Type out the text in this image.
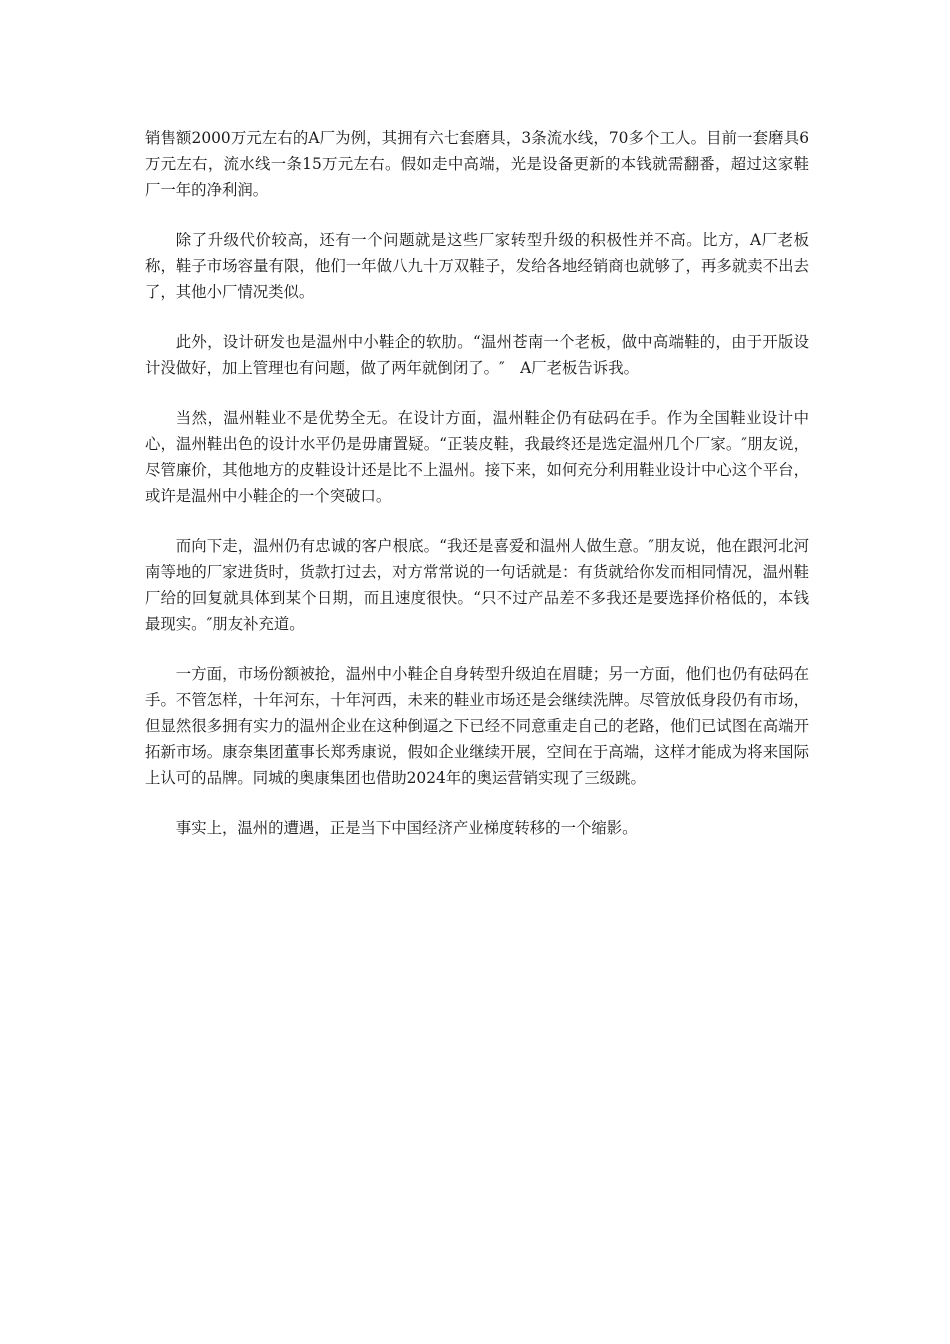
销售额2000万元左右的A厂为例，其拥有六七套磨具，3条流水线，70多个工人。目前一套磨具6万元左右，流水线一条15万元左右。假如走中高端，光是设备更新的本钱就需翻番，超过这家鞋厂一年的净利润。

除了升级代价较高，还有一个问题就是这些厂家转型升级的积极性并不高。比方，A厂老板称，鞋子市场容量有限，他们一年做八九十万双鞋子，发给各地经销商也就够了，再多就卖不出去了，其他小厂情况类似。

此外，设计研发也是温州中小鞋企的软肋。“温州苍南一个老板，做中高端鞋的，由于开版设计没做好，加上管理也有问题，做了两年就倒闭了。″　A厂老板告诉我。

当然，温州鞋业不是优势全无。在设计方面，温州鞋企仍有砝码在手。作为全国鞋业设计中心，温州鞋出色的设计水平仍是毋庸置疑。“正装皮鞋，我最终还是选定温州几个厂家。″朋友说，尽管廉价，其他地方的皮鞋设计还是比不上温州。接下来，如何充分利用鞋业设计中心这个平台，或许是温州中小鞋企的一个突破口。

而向下走，温州仍有忠诚的客户根底。“我还是喜爱和温州人做生意。″朋友说，他在跟河北河南等地的厂家进货时，货款打过去，对方常常说的一句话就是：有货就给你发而相同情况，温州鞋厂给的回复就具体到某个日期，而且速度很快。“只不过产品差不多我还是要选择价格低的，本钱最现实。″朋友补充道。

一方面，市场份额被抢，温州中小鞋企自身转型升级迫在眉睫；另一方面，他们也仍有砝码在手。不管怎样，十年河东，十年河西，未来的鞋业市场还是会继续洗牌。尽管放低身段仍有市场，但显然很多拥有实力的温州企业在这种倒逼之下已经不同意重走自己的老路，他们已试图在高端开拓新市场。康奈集团董事长郑秀康说，假如企业继续开展，空间在于高端，这样才能成为将来国际上认可的品牌。同城的奥康集团也借助2024年的奥运营销实现了三级跳。

事实上，温州的遭遇，正是当下中国经济产业梯度转移的一个缩影。
